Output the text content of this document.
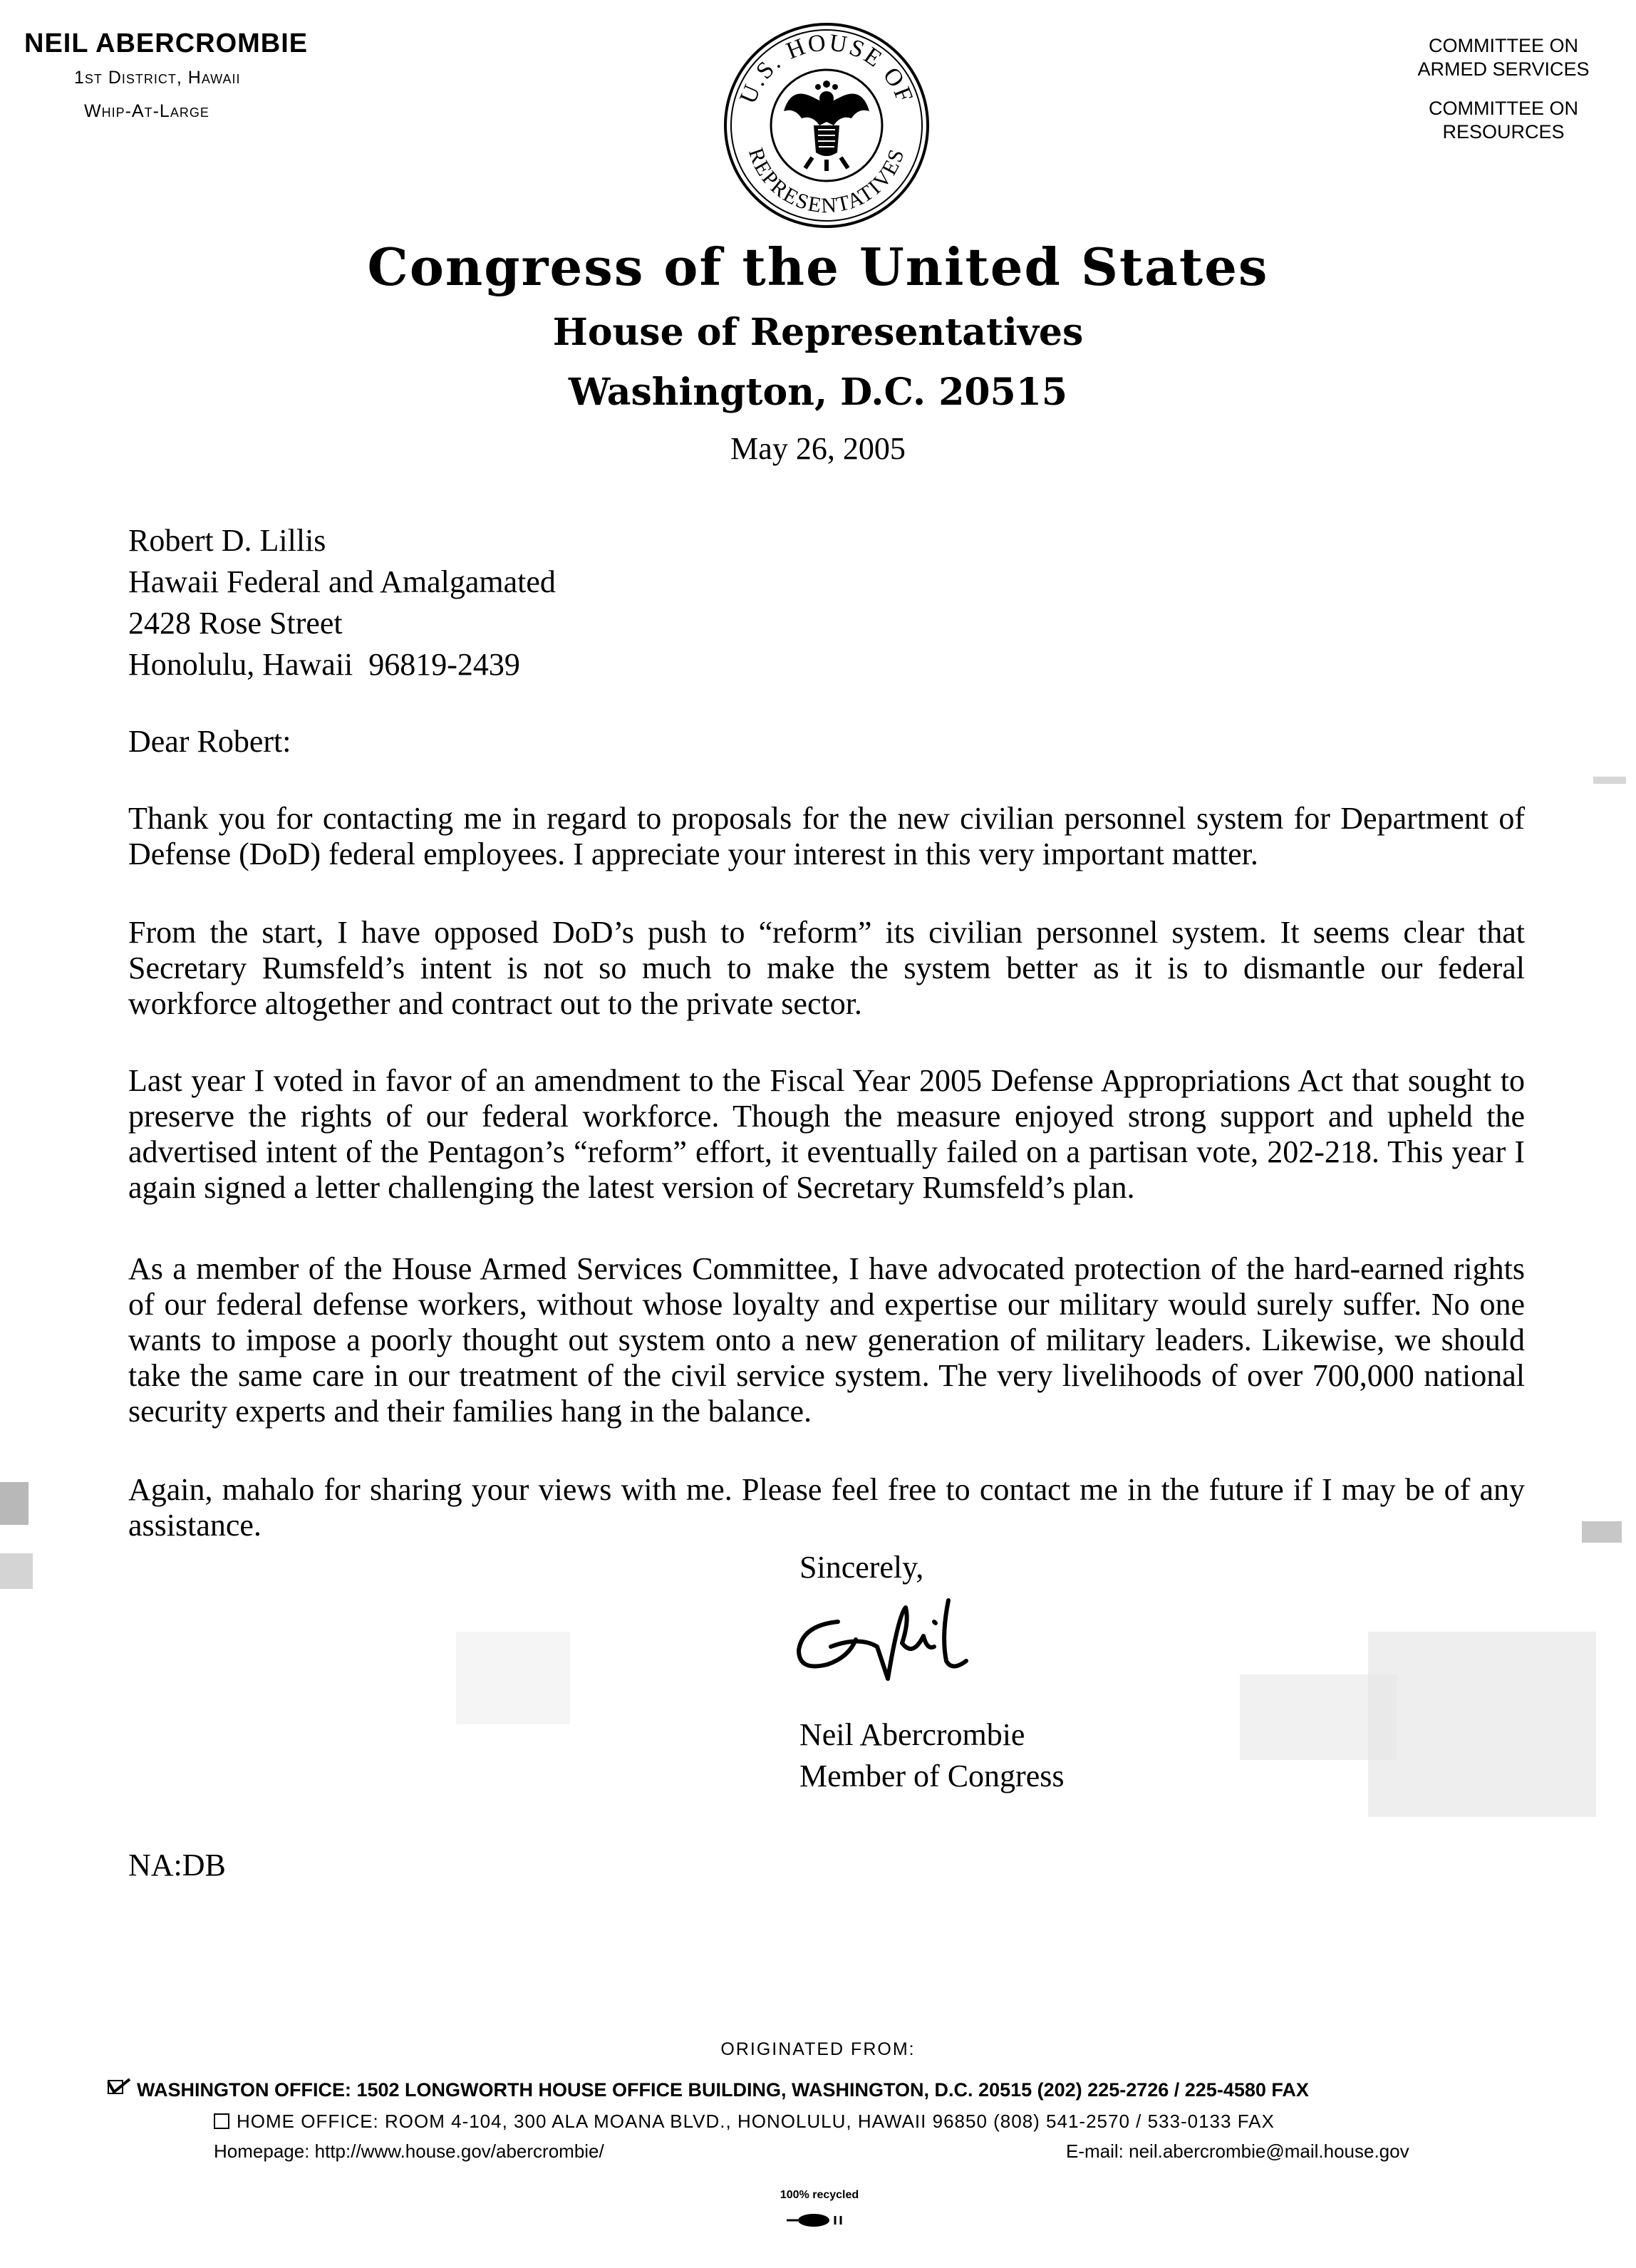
NEIL ABERCROMBIE
1st District, Hawaii
Whip-At-Large
COMMITTEE ON
ARMED SERVICES
COMMITTEE ON
RESOURCES
U.S. HOUSE OF
REPRESENTATIVES
Congress of the United States
House of Representatives
Washington, D.C. 20515
May 26, 2005
Robert D. Lillis
Hawaii Federal and Amalgamated
2428 Rose Street
Honolulu, Hawaii  96819-2439
Dear Robert:
Thank you for contacting me in regard to proposals for the new civilian personnel system for Department of Defense (DoD) federal employees. I appreciate your interest in this very important matter.
From the start, I have opposed DoD’s push to “reform” its civilian personnel system. It seems clear that Secretary Rumsfeld’s intent is not so much to make the system better as it is to dismantle our federal workforce altogether and contract out to the private sector.
Last year I voted in favor of an amendment to the Fiscal Year 2005 Defense Appropriations Act that sought to preserve the rights of our federal workforce. Though the measure enjoyed strong support and upheld the advertised intent of the Pentagon’s “reform” effort, it eventually failed on a partisan vote, 202-218. This year I again signed a letter challenging the latest version of Secretary Rumsfeld’s plan.
As a member of the House Armed Services Committee, I have advocated protection of the hard-earned rights of our federal defense workers, without whose loyalty and expertise our military would surely suffer. No one wants to impose a poorly thought out system onto a new generation of military leaders. Likewise, we should take the same care in our treatment of the civil service system. The very livelihoods of over 700,000 national security experts and their families hang in the balance.
Again, mahalo for sharing your views with me. Please feel free to contact me in the future if I may be of any assistance.
Sincerely,
Neil Abercrombie
Member of Congress
NA:DB
ORIGINATED FROM:
WASHINGTON OFFICE: 1502 LONGWORTH HOUSE OFFICE BUILDING, WASHINGTON, D.C. 20515 (202) 225-2726 / 225-4580 FAX
HOME OFFICE: ROOM 4-104, 300 ALA MOANA BLVD., HONOLULU, HAWAII 96850 (808) 541-2570 / 533-0133 FAX
Homepage: http://www.house.gov/abercrombie/	E-mail: neil.abercrombie@mail.house.gov
100% recycled
